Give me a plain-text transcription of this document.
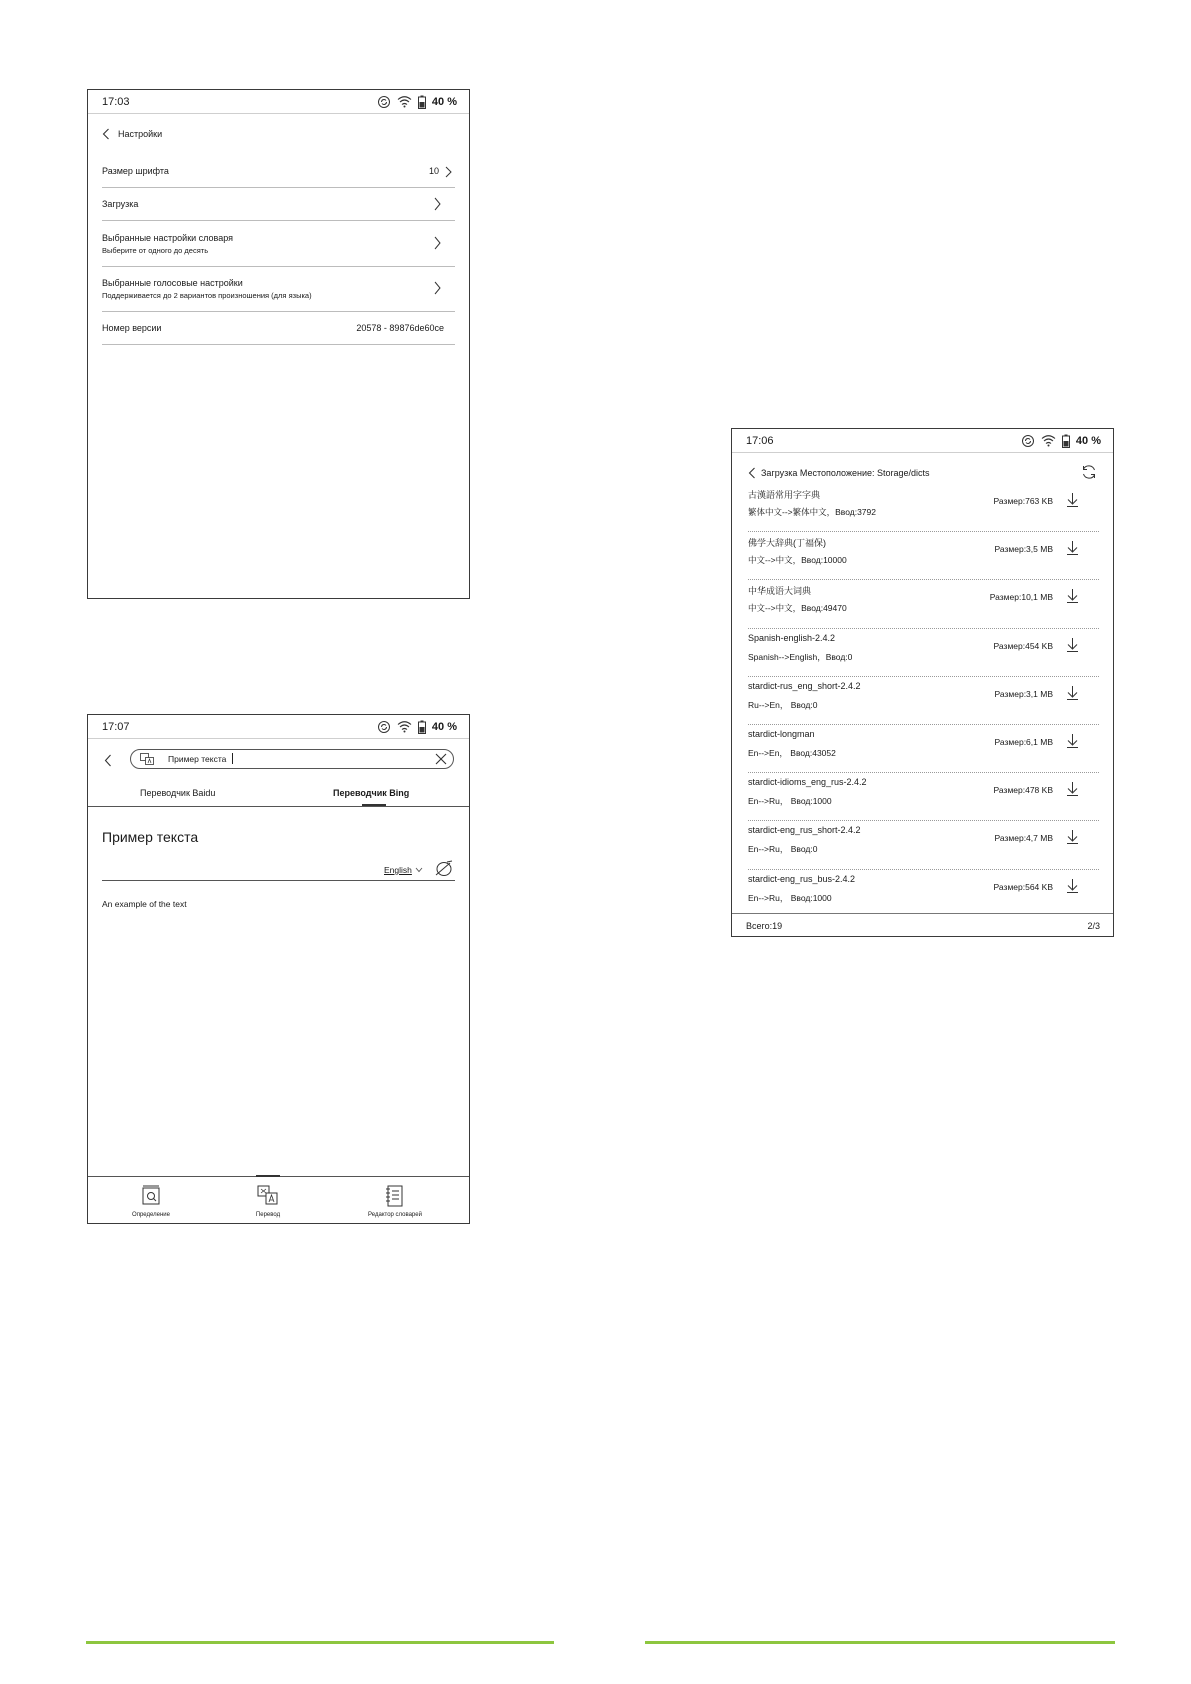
17:03	40 %
Настройки
Размер шрифта	10
Загрузка
Выбранные настройки словаря
Выберите от одного до десять
Выбранные голосовые настройки
Поддерживается до 2 вариантов произношения (для языка)
Номер версии	20578 - 89876de60ce
17:07	40 %
Пример текста
Переводчик Baidu	Переводчик Bing
Пример текста
English
An example of the text
Определение	Перевод	Редактор словарей
17:06	40 %
Загрузка Местоположение: Storage/dicts
古漢語常用字字典
繁体中文-->繁体中文，Ввод:3792
Размер:763 KB
佛学大辞典(丁福保)
中文-->中文，Ввод:10000
Размер:3,5 MB
中华成语大词典
中文-->中文，Ввод:49470
Размер:10,1 MB
Spanish-english-2.4.2
Spanish-->English，Ввод:0
Размер:454 KB
stardict-rus_eng_short-2.4.2
Ru-->En， Ввод:0
Размер:3,1 MB
stardict-longman
En-->En， Ввод:43052
Размер:6,1 MB
stardict-idioms_eng_rus-2.4.2
En-->Ru， Ввод:1000
Размер:478 KB
stardict-eng_rus_short-2.4.2
En-->Ru， Ввод:0
Размер:4,7 MB
stardict-eng_rus_bus-2.4.2
En-->Ru， Ввод:1000
Размер:564 KB
Всего:19	2/3
